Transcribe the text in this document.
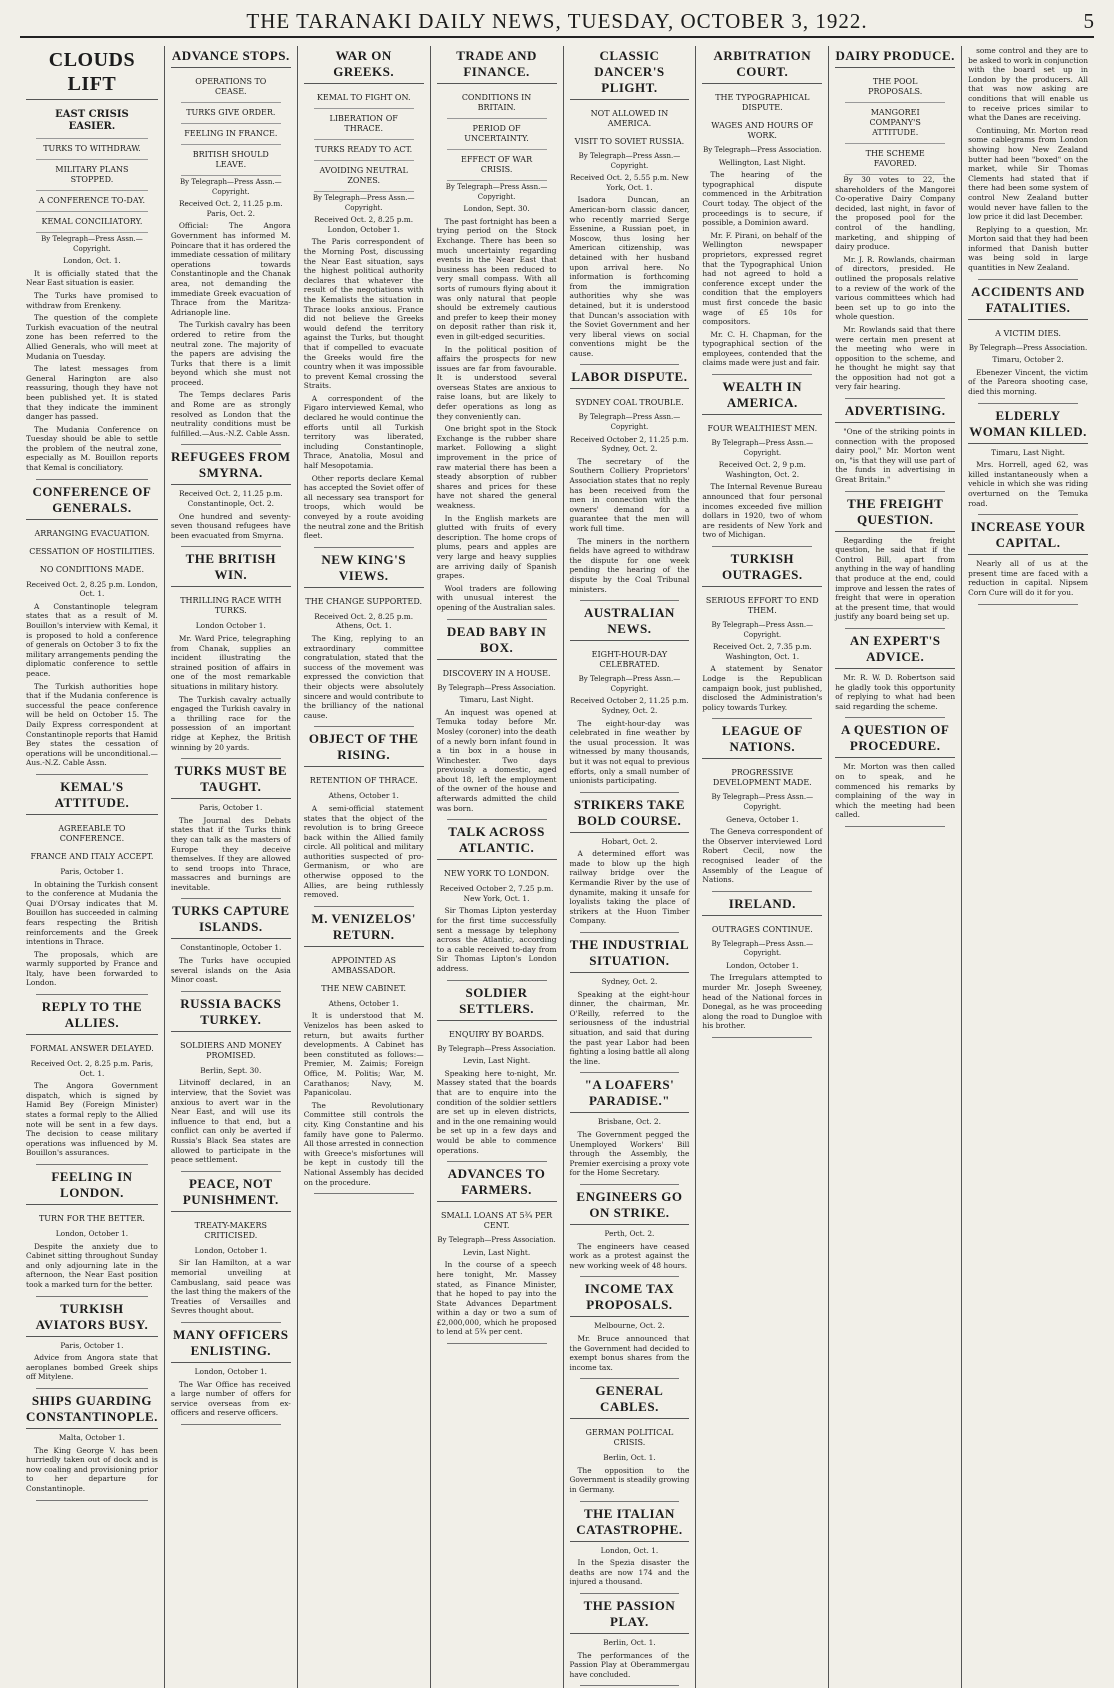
THE TARANAKI DAILY NEWS, TUESDAY, OCTOBER 3, 1922.	5
CLOUDS LIFT
EAST CRISIS EASIER.
TURKS TO WITHDRAW.
MILITARY PLANS STOPPED.
A CONFERENCE TO-DAY.
KEMAL CONCILIATORY.
By Telegraph—Press Assn.—Copyright.
London, Oct. 1.

It is officially stated that the Near East situation is easier.

The Turks have promised to withdraw from Erenkeny.

The question of the complete Turkish evacuation of the neutral zone has been referred to the Allied Generals, who will meet at Mudania on Tuesday.

The latest messages from General Harington are also reassuring, though they have not been published yet. It is stated that they indicate the imminent danger has passed.

The Mudania Conference on Tuesday should be able to settle the problem of the neutral zone, especially as M. Bouillon reports that Kemal is conciliatory.

CONFERENCE OF GENERALS.
ARRANGING EVACUATION.
CESSATION OF HOSTILITIES.
NO CONDITIONS MADE.
Received Oct. 2, 8.25 p.m. London, Oct. 1.

A Constantinople telegram states that as a result of M. Bouillon's interview with Kemal, it is proposed to hold a conference of generals on October 3 to fix the military arrangements pending the diplomatic conference to settle peace.

The Turkish authorities hope that if the Mudania conference is successful the peace conference will be held on October 15. The Daily Express correspondent at Constantinople reports that Hamid Bey states the cessation of operations will be unconditional.—Aus.-N.Z. Cable Assn.

KEMAL'S ATTITUDE.
AGREEABLE TO CONFERENCE.
FRANCE AND ITALY ACCEPT.
Paris, October 1.

In obtaining the Turkish consent to the conference at Mudania the Quai D'Orsay indicates that M. Bouillon has succeeded in calming fears respecting the British reinforcements and the Greek intentions in Thrace.

The proposals, which are warmly supported by France and Italy, have been forwarded to London.

REPLY TO THE ALLIES.
FORMAL ANSWER DELAYED.
Received Oct. 2, 8.25 p.m. Paris, Oct. 1.

The Angora Government dispatch, which is signed by Hamid Bey (Foreign Minister) states a formal reply to the Allied note will be sent in a few days. The decision to cease military operations was influenced by M. Bouillon's assurances.

FEELING IN LONDON.
TURN FOR THE BETTER.
London, October 1.

Despite the anxiety due to Cabinet sitting throughout Sunday and only adjourning late in the afternoon, the Near East position took a marked turn for the better.

TURKISH AVIATORS BUSY.
Paris, October 1.

Advice from Angora state that aeroplanes bombed Greek ships off Mitylene.

SHIPS GUARDING CONSTANTINOPLE.
Malta, October 1.

The King George V. has been hurriedly taken out of dock and is now coaling and provisioning prior to her departure for Constantinople.

ADVANCE STOPS.
OPERATIONS TO CEASE.
TURKS GIVE ORDER.
FEELING IN FRANCE.
BRITISH SHOULD LEAVE.
By Telegraph—Press Assn.—Copyright.
Received Oct. 2, 11.25 p.m. Paris, Oct. 2.

Official: The Angora Government has informed M. Poincare that it has ordered the immediate cessation of military operations towards Constantinople and the Chanak area, not demanding the immediate Greek evacuation of Thrace from the Maritza-Adrianople line.

The Turkish cavalry has been ordered to retire from the neutral zone. The majority of the papers are advising the Turks that there is a limit beyond which she must not proceed.

The Temps declares Paris and Rome are as strongly resolved as London that the neutrality conditions must be fulfilled.—Aus.-N.Z. Cable Assn.

REFUGEES FROM SMYRNA.
Received Oct. 2, 11.25 p.m. Constantinople, Oct. 2.

One hundred and seventy-seven thousand refugees have been evacuated from Smyrna.

THE BRITISH WIN.
THRILLING RACE WITH TURKS.
London October 1.

Mr. Ward Price, telegraphing from Chanak, supplies an incident illustrating the strained position of affairs in one of the most remarkable situations in military history.

The Turkish cavalry actually engaged the Turkish cavalry in a thrilling race for the possession of an important ridge at Kephez, the British winning by 20 yards.

TURKS MUST BE TAUGHT.
Paris, October 1.

The Journal des Debats states that if the Turks think they can talk as the masters of Europe they deceive themselves. If they are allowed to send troops into Thrace, massacres and burnings are inevitable.

TURKS CAPTURE ISLANDS.
Constantinople, October 1.

The Turks have occupied several islands on the Asia Minor coast.

RUSSIA BACKS TURKEY.
SOLDIERS AND MONEY PROMISED.
Berlin, Sept. 30.

Litvinoff declared, in an interview, that the Soviet was anxious to avert war in the Near East, and will use its influence to that end, but a conflict can only be averted if Russia's Black Sea states are allowed to participate in the peace settlement.

PEACE, NOT PUNISHMENT.
TREATY-MAKERS CRITICISED.
London, October 1.

Sir Ian Hamilton, at a war memorial unveiling at Cambuslang, said peace was the last thing the makers of the Treaties of Versailles and Sevres thought about.

MANY OFFICERS ENLISTING.
London, October 1.

The War Office has received a large number of offers for service overseas from ex-officers and reserve officers.

WAR ON GREEKS.
KEMAL TO FIGHT ON.
LIBERATION OF THRACE.
TURKS READY TO ACT.
AVOIDING NEUTRAL ZONES.
By Telegraph—Press Assn.—Copyright.
Received Oct. 2, 8.25 p.m. London, October 1.

The Paris correspondent of the Morning Post, discussing the Near East situation, says the highest political authority declares that whatever the result of the negotiations with the Kemalists the situation in Thrace looks anxious. France did not believe the Greeks would defend the territory against the Turks, but thought that if compelled to evacuate the Greeks would fire the country when it was impossible to prevent Kemal crossing the Straits.

A correspondent of the Figaro interviewed Kemal, who declared he would continue the efforts until all Turkish territory was liberated, including Constantinople, Thrace, Anatolia, Mosul and half Mesopotamia.

Other reports declare Kemal has accepted the Soviet offer of all necessary sea transport for troops, which would be conveyed by a route avoiding the neutral zone and the British fleet.

NEW KING'S VIEWS.
THE CHANGE SUPPORTED.
Received Oct. 2, 8.25 p.m. Athens, Oct. 1.

The King, replying to an extraordinary committee congratulation, stated that the success of the movement was expressed the conviction that their objects were absolutely sincere and would contribute to the brilliancy of the national cause.

OBJECT OF THE RISING.
RETENTION OF THRACE.
Athens, October 1.

A semi-official statement states that the object of the revolution is to bring Greece back within the Allied family circle. All political and military authorities suspected of pro-Germanism, or who are otherwise opposed to the Allies, are being ruthlessly removed.

M. VENIZELOS' RETURN.
APPOINTED AS AMBASSADOR.
THE NEW CABINET.
Athens, October 1.

It is understood that M. Venizelos has been asked to return, but awaits further developments. A Cabinet has been constituted as follows:—Premier, M. Zaimis; Foreign Office, M. Politis; War, M. Carathanos; Navy, M. Papanicolau.

The Revolutionary Committee still controls the city. King Constantine and his family have gone to Palermo. All those arrested in connection with Greece's misfortunes will be kept in custody till the National Assembly has decided on the procedure.

TRADE AND FINANCE.
CONDITIONS IN BRITAIN.
PERIOD OF UNCERTAINTY.
EFFECT OF WAR CRISIS.
By Telegraph—Press Assn.—Copyright.
London, Sept. 30.

The past fortnight has been a trying period on the Stock Exchange. There has been so much uncertainty regarding events in the Near East that business has been reduced to very small compass. With all sorts of rumours flying about it was only natural that people should be extremely cautious and prefer to keep their money on deposit rather than risk it, even in gilt-edged securities.

In the political position of affairs the prospects for new issues are far from favourable. It is understood several overseas States are anxious to raise loans, but are likely to defer operations as long as they conveniently can.

One bright spot in the Stock Exchange is the rubber share market. Following a slight improvement in the price of raw material there has been a steady absorption of rubber shares and prices for these have not shared the general weakness.

In the English markets are glutted with fruits of every description. The home crops of plums, pears and apples are very large and heavy supplies are arriving daily of Spanish grapes.

Wool traders are following with unusual interest the opening of the Australian sales.

DEAD BABY IN BOX.
DISCOVERY IN A HOUSE.
By Telegraph—Press Association.
Timaru, Last Night.

An inquest was opened at Temuka today before Mr. Mosley (coroner) into the death of a newly born infant found in a tin box in a house in Winchester. Two days previously a domestic, aged about 18, left the employment of the owner of the house and afterwards admitted the child was born.

TALK ACROSS ATLANTIC.
NEW YORK TO LONDON.
Received October 2, 7.25 p.m. New York, Oct. 1.

Sir Thomas Lipton yesterday for the first time successfully sent a message by telephony across the Atlantic, according to a cable received to-day from Sir Thomas Lipton's London address.

SOLDIER SETTLERS.
ENQUIRY BY BOARDS.
By Telegraph—Press Association.
Levin, Last Night.

Speaking here to-night, Mr. Massey stated that the boards that are to enquire into the condition of the soldier settlers are set up in eleven districts, and in the one remaining would be set up in a few days and would be able to commence operations.

ADVANCES TO FARMERS.
SMALL LOANS AT 5¾ PER CENT.
By Telegraph—Press Association.
Levin, Last Night.

In the course of a speech here tonight, Mr. Massey stated, as Finance Minister, that he hoped to pay into the State Advances Department within a day or two a sum of £2,000,000, which he proposed to lend at 5¾ per cent.

CLASSIC DANCER'S PLIGHT.
NOT ALLOWED IN AMERICA.
VISIT TO SOVIET RUSSIA.
By Telegraph—Press Assn.—Copyright.
Received Oct. 2, 5.55 p.m. New York, Oct. 1.

Isadora Duncan, an American-born classic dancer, who recently married Serge Essenine, a Russian poet, in Moscow, thus losing her American citizenship, was detained with her husband upon arrival here. No information is forthcoming from the immigration authorities why she was detained, but it is understood that Duncan's association with the Soviet Government and her very liberal views on social conventions might be the cause.

LABOR DISPUTE.
SYDNEY COAL TROUBLE.
By Telegraph—Press Assn.—Copyright.
Received October 2, 11.25 p.m. Sydney, Oct. 2.

The secretary of the Southern Colliery Proprietors' Association states that no reply has been received from the men in connection with the owners' demand for a guarantee that the men will work full time.

The miners in the northern fields have agreed to withdraw the dispute for one week pending the hearing of the dispute by the Coal Tribunal ministers.

AUSTRALIAN NEWS.
EIGHT-HOUR-DAY CELEBRATED.
By Telegraph—Press Assn.—Copyright.
Received October 2, 11.25 p.m. Sydney, Oct. 2.

The eight-hour-day was celebrated in fine weather by the usual procession. It was witnessed by many thousands, but it was not equal to previous efforts, only a small number of unionists participating.

STRIKERS TAKE BOLD COURSE.
Hobart, Oct. 2.

A determined effort was made to blow up the high railway bridge over the Kermandie River by the use of dynamite, making it unsafe for loyalists taking the place of strikers at the Huon Timber Company.

THE INDUSTRIAL SITUATION.
Sydney, Oct. 2.

Speaking at the eight-hour dinner, the chairman, Mr. O'Reilly, referred to the seriousness of the industrial situation, and said that during the past year Labor had been fighting a losing battle all along the line.

"A LOAFERS' PARADISE."
Brisbane, Oct. 2.

The Government pegged the Unemployed Workers' Bill through the Assembly, the Premier exercising a proxy vote for the Home Secretary.

ENGINEERS GO ON STRIKE.
Perth, Oct. 2.

The engineers have ceased work as a protest against the new working week of 48 hours.

INCOME TAX PROPOSALS.
Melbourne, Oct. 2.

Mr. Bruce announced that the Government had decided to exempt bonus shares from the income tax.

GENERAL CABLES.
GERMAN POLITICAL CRISIS.
Berlin, Oct. 1.

The opposition to the Government is steadily growing in Germany.

THE ITALIAN CATASTROPHE.
London, Oct. 1.

In the Spezia disaster the deaths are now 174 and the injured a thousand.

THE PASSION PLAY.
Berlin, Oct. 1.

The performances of the Passion Play at Oberammergau have concluded.

ARBITRATION COURT.
THE TYPOGRAPHICAL DISPUTE.
WAGES AND HOURS OF WORK.
By Telegraph—Press Association.
Wellington, Last Night.

The hearing of the typographical dispute commenced in the Arbitration Court today. The object of the proceedings is to secure, if possible, a Dominion award.

Mr. F. Pirani, on behalf of the Wellington newspaper proprietors, expressed regret that the Typographical Union had not agreed to hold a conference except under the condition that the employers must first concede the basic wage of £5 10s for compositors.

Mr. C. H. Chapman, for the typographical section of the employees, contended that the claims made were just and fair.

WEALTH IN AMERICA.
FOUR WEALTHIEST MEN.
By Telegraph—Press Assn.—Copyright.
Received Oct. 2, 9 p.m. Washington, Oct. 2.

The Internal Revenue Bureau announced that four personal incomes exceeded five million dollars in 1920, two of whom are residents of New York and two of Michigan.

TURKISH OUTRAGES.
SERIOUS EFFORT TO END THEM.
By Telegraph—Press Assn.—Copyright.
Received Oct. 2, 7.35 p.m. Washington, Oct. 1.

A statement by Senator Lodge is the Republican campaign book, just published, disclosed the Administration's policy towards Turkey.

LEAGUE OF NATIONS.
PROGRESSIVE DEVELOPMENT MADE.
By Telegraph—Press Assn.—Copyright.
Geneva, October 1.

The Geneva correspondent of the Observer interviewed Lord Robert Cecil, now the recognised leader of the Assembly of the League of Nations.

IRELAND.
OUTRAGES CONTINUE.
By Telegraph—Press Assn.—Copyright.
London, October 1.

The Irregulars attempted to murder Mr. Joseph Sweeney, head of the National forces in Donegal, as he was proceeding along the road to Dungloe with his brother.

DAIRY PRODUCE.
THE POOL PROPOSALS.
MANGOREI COMPANY'S ATTITUDE.
THE SCHEME FAVORED.

By 30 votes to 22, the shareholders of the Mangorei Co-operative Dairy Company decided, last night, in favor of the proposed pool for the control of the handling, marketing, and shipping of dairy produce.

Mr. J. R. Rowlands, chairman of directors, presided. He outlined the proposals relative to a review of the work of the various committees which had been set up to go into the whole question.

Mr. Rowlands said that there were certain men present at the meeting who were in opposition to the scheme, and he thought he might say that the opposition had not got a very fair hearing.

ADVERTISING.

"One of the striking points in connection with the proposed dairy pool," Mr. Morton went on, "is that they will use part of the funds in advertising in Great Britain."

THE FREIGHT QUESTION.

Regarding the freight question, he said that if the Control Bill, apart from anything in the way of handling that produce at the end, could improve and lessen the rates of freight that were in operation at the present time, that would justify any board being set up.

AN EXPERT'S ADVICE.

Mr. R. W. D. Robertson said he gladly took this opportunity of replying to what had been said regarding the scheme.

A QUESTION OF PROCEDURE.

Mr. Morton was then called on to speak, and he commenced his remarks by complaining of the way in which the meeting had been called.

some control and they are to be asked to work in conjunction with the board set up in London by the producers. All that was now asking are conditions that will enable us to receive prices similar to what the Danes are receiving.

Continuing, Mr. Morton read some cablegrams from London showing how New Zealand butter had been "boxed" on the market, while Sir Thomas Clements had stated that if there had been some system of control New Zealand butter would never have fallen to the low price it did last December.

Replying to a question, Mr. Morton said that they had been informed that Danish butter was being sold in large quantities in New Zealand.

ACCIDENTS AND FATALITIES.
A VICTIM DIES.
By Telegraph—Press Association.
Timaru, October 2.

Ebenezer Vincent, the victim of the Pareora shooting case, died this morning.

ELDERLY WOMAN KILLED.
Timaru, Last Night.

Mrs. Horrell, aged 62, was killed instantaneously when a vehicle in which she was riding overturned on the Temuka road.

INCREASE YOUR CAPITAL.

Nearly all of us at the present time are faced with a reduction in capital. Nipsem Corn Cure will do it for you.
